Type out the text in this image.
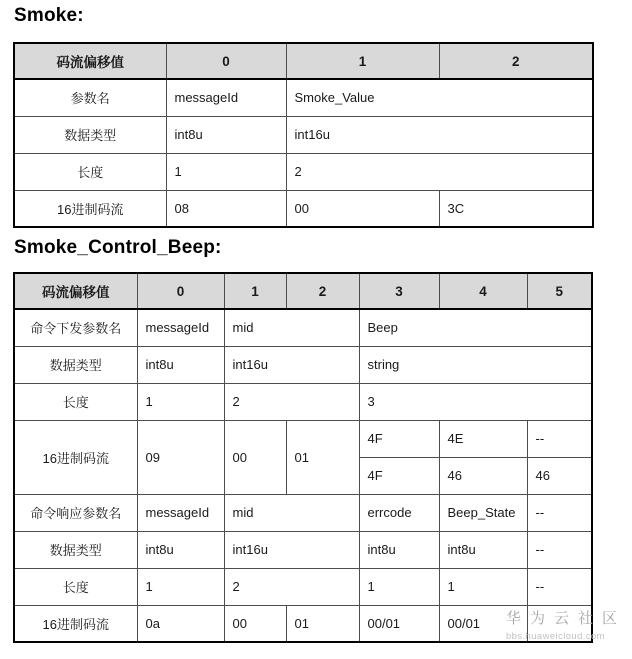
Smoke:
码流偏移值	0	1	2
参数名	messageId	Smoke_Value	
数据类型	int8u	int16u	
长度	1	2	
16进制码流	08	00	3C
Smoke_Control_Beep:
码流偏移值	0	1	2	3	4	5
命令下发参数名	messageId	mid		Beep		
数据类型	int8u	int16u		string		
长度	1	2		3		
16进制码流	09	00	01	4F	4E	--
				4F	46	46
命令响应参数名	messageId	mid		errcode	Beep_State	--
数据类型	int8u	int16u		int8u	int8u	--
长度	1	2		1	1	--
16进制码流	0a	00	01	00/01	00/01	华为云社区
bbs.huaweicloud.com
